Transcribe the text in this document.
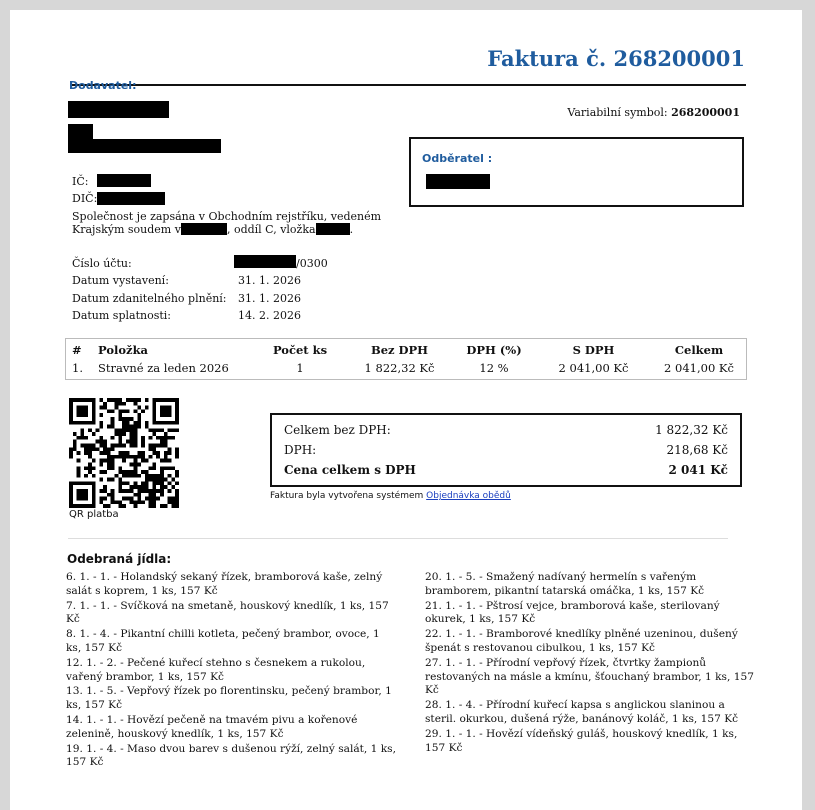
Faktura č. 268200001
Dodavatel:
IČ:
DIČ:
Společnost je zapsána v Obchodním rejstříku, vedeném
Krajským soudem v	, oddíl C, vložka	.
Variabilní symbol: 268200001
Odběratel :
Číslo účtu:	/0300
Datum vystavení:	31. 1. 2026
Datum zdanitelného plnění: 31. 1. 2026
Datum splatnosti:	14. 2. 2026
#	Položka	Počet ks	Bez DPH	DPH (%)	S DPH	Celkem
1.	Stravné za leden 2026	1	1 822,32 Kč	12 %	2 041,00 Kč	2 041,00 Kč
QR platba
Celkem bez DPH:	1 822,32 Kč
DPH:	218,68 Kč
Cena celkem s DPH	2 041 Kč
Faktura byla vytvořena systémem Objednávka obědů
Odebraná jídla:
6. 1. - 1. - Holandský sekaný řízek, bramborová kaše, zelný salát s koprem, 1 ks, 157 Kč
7. 1. - 1. - Svíčková na smetaně, houskový knedlík, 1 ks, 157 Kč
8. 1. - 4. - Pikantní chilli kotleta, pečený brambor, ovoce, 1 ks, 157 Kč
12. 1. - 2. - Pečené kuřecí stehno s česnekem a rukolou, vařený brambor, 1 ks, 157 Kč
13. 1. - 5. - Vepřový řízek po florentinsku, pečený brambor, 1 ks, 157 Kč
14. 1. - 1. - Hovězí pečeně na tmavém pivu a kořenové zelenině, houskový knedlík, 1 ks, 157 Kč
19. 1. - 4. - Maso dvou barev s dušenou rýží, zelný salát, 1 ks, 157 Kč
20. 1. - 5. - Smažený nadívaný hermelín s vařeným bramborem, pikantní tatarská omáčka, 1 ks, 157 Kč
21. 1. - 1. - Pštrosí vejce, bramborová kaše, sterilovaný okurek, 1 ks, 157 Kč
22. 1. - 1. - Bramborové knedlíky plněné uzeninou, dušený špenát s restovanou cibulkou, 1 ks, 157 Kč
27. 1. - 1. - Přírodní vepřový řízek, čtvrtky žampionů restovaných na másle a kmínu, šťouchaný brambor, 1 ks, 157 Kč
28. 1. - 4. - Přírodní kuřecí kapsa s anglickou slaninou a steril. okurkou, dušená rýže, banánový koláč, 1 ks, 157 Kč
29. 1. - 1. - Hovězí vídeňský guláš, houskový knedlík, 1 ks, 157 Kč
